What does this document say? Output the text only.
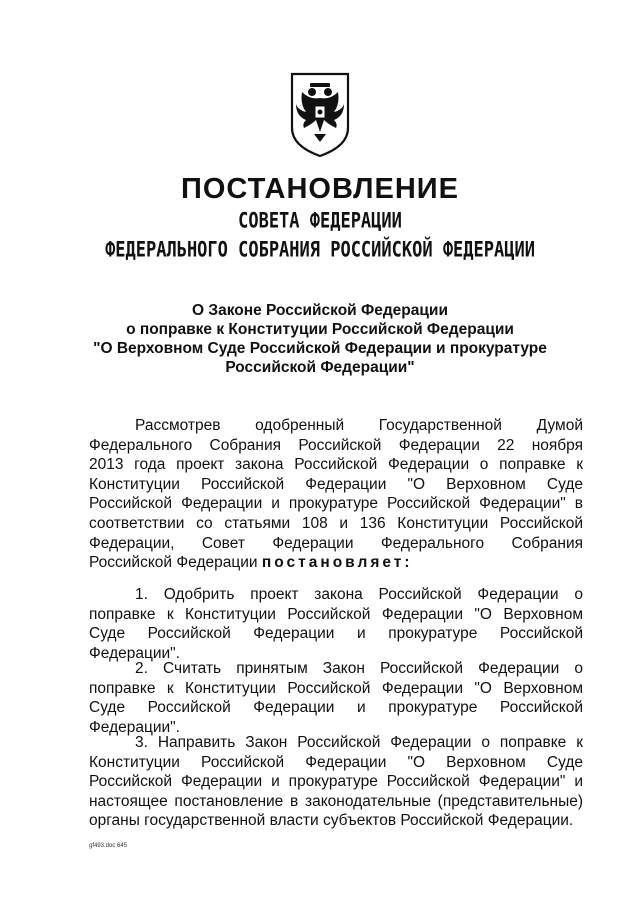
ПОСТАНОВЛЕНИЕ
СОВЕТА ФЕДЕРАЦИИ
ФЕДЕРАЛЬНОГО СОБРАНИЯ РОССИЙСКОЙ ФЕДЕРАЦИИ
О Законе Российской Федерации
о поправке к Конституции Российской Федерации
"О Верховном Суде Российской Федерации и прокуратуре
Российской Федерации"
Рассмотрев одобренный Государственной Думой
Федерального Собрания Российской Федерации 22 ноября
2013 года проект закона Российской Федерации о поправке к
Конституции Российской Федерации "О Верховном Суде
Российской Федерации и прокуратуре Российской Федерации" в
соответствии со статьями 108 и 136 Конституции Российской
Федерации, Совет Федерации Федерального Собрания
Российской Федерации постановляет:
1. Одобрить проект закона Российской Федерации о
поправке к Конституции Российской Федерации "О Верховном
Суде Российской Федерации и прокуратуре Российской
Федерации".
2. Считать принятым Закон Российской Федерации о
поправке к Конституции Российской Федерации "О Верховном
Суде Российской Федерации и прокуратуре Российской
Федерации".
3. Направить Закон Российской Федерации о поправке к
Конституции Российской Федерации "О Верховном Суде
Российской Федерации и прокуратуре Российской Федерации" и
настоящее постановление в законодательные (представительные)
органы государственной власти субъектов Российской Федерации.
gf493.doc 645
